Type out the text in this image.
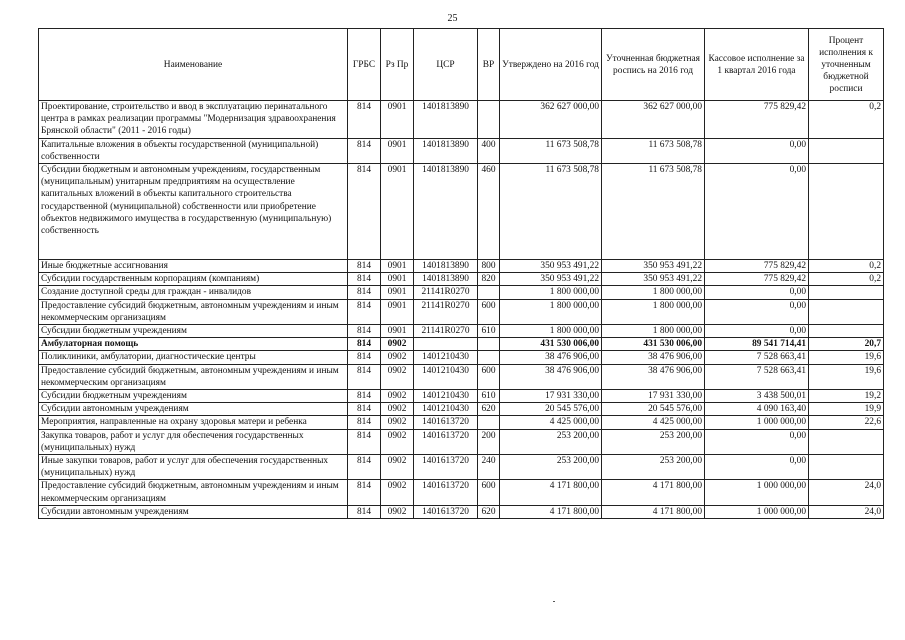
25
Наименование	ГРБС	Рз Пр	ЦСР	ВР	Утверждено на 2016 год	Уточненная бюджетная роспись на 2016 год	Кассовое исполнение за 1 квартал 2016 года	Процент исполнения к уточненным бюджетной росписи
Проектирование, строительство и ввод в эксплуатацию перинатального центра в рамках реализации программы "Модернизация здравоохранения Брянской области" (2011 - 2016 годы)	814	0901	1401813890		362 627 000,00	362 627 000,00	775 829,42	0,2
Капитальные вложения в объекты государственной (муниципальной) собственности	814	0901	1401813890	400	11 673 508,78	11 673 508,78	0,00	
Субсидии бюджетным и автономным учреждениям, государственным (муниципальным) унитарным предприятиям на осуществление капитальных вложений в объекты капитального строительства государственной (муниципальной) собственности или приобретение объектов недвижимого имущества в государственную (муниципальную) собственность	814	0901	1401813890	460	11 673 508,78	11 673 508,78	0,00	
Иные бюджетные ассигнования	814	0901	1401813890	800	350 953 491,22	350 953 491,22	775 829,42	0,2
Субсидии государственным корпорациям (компаниям)	814	0901	1401813890	820	350 953 491,22	350 953 491,22	775 829,42	0,2
Создание доступной среды для граждан - инвалидов	814	0901	21141R0270		1 800 000,00	1 800 000,00	0,00	
Предоставление субсидий бюджетным, автономным учреждениям и иным некоммерческим организациям	814	0901	21141R0270	600	1 800 000,00	1 800 000,00	0,00	
Субсидии бюджетным учреждениям	814	0901	21141R0270	610	1 800 000,00	1 800 000,00	0,00	
Амбулаторная помощь	814	0902			431 530 006,00	431 530 006,00	89 541 714,41	20,7
Поликлиники, амбулатории, диагностические центры	814	0902	1401210430		38 476 906,00	38 476 906,00	7 528 663,41	19,6
Предоставление субсидий бюджетным, автономным учреждениям и иным некоммерческим организациям	814	0902	1401210430	600	38 476 906,00	38 476 906,00	7 528 663,41	19,6
Субсидии бюджетным учреждениям	814	0902	1401210430	610	17 931 330,00	17 931 330,00	3 438 500,01	19,2
Субсидии автономным учреждениям	814	0902	1401210430	620	20 545 576,00	20 545 576,00	4 090 163,40	19,9
Мероприятия, направленные на охрану здоровья матери и ребенка	814	0902	1401613720		4 425 000,00	4 425 000,00	1 000 000,00	22,6
Закупка товаров, работ и услуг для обеспечения государственных (муниципальных) нужд	814	0902	1401613720	200	253 200,00	253 200,00	0,00	
Иные закупки товаров, работ и услуг для обеспечения государственных (муниципальных) нужд	814	0902	1401613720	240	253 200,00	253 200,00	0,00	
Предоставление субсидий бюджетным, автономным учреждениям и иным некоммерческим организациям	814	0902	1401613720	600	4 171 800,00	4 171 800,00	1 000 000,00	24,0
Субсидии автономным учреждениям	814	0902	1401613720	620	4 171 800,00	4 171 800,00	1 000 000,00	24,0
